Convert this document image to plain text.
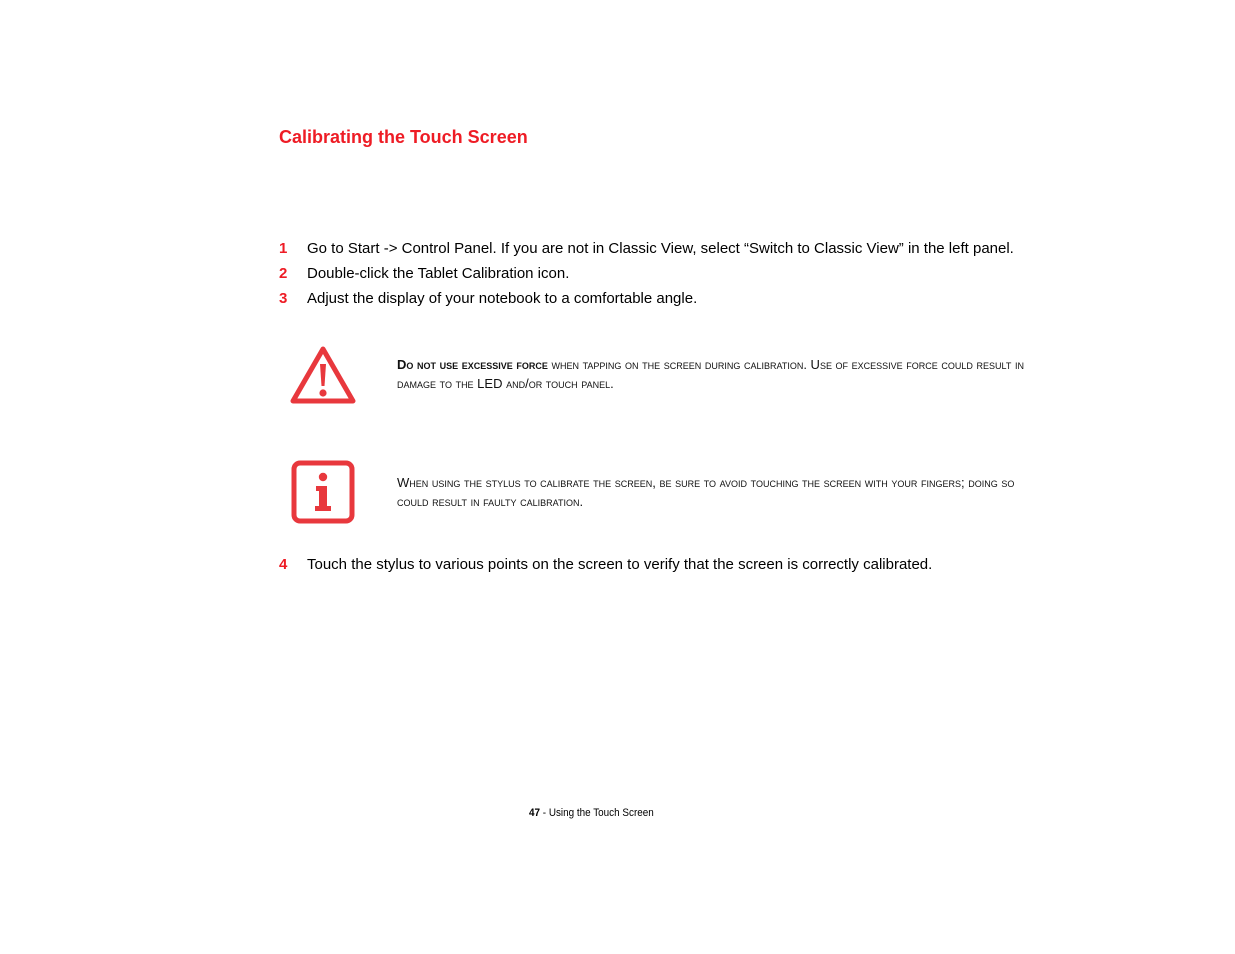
Calibrating the Touch Screen
1 Go to Start -> Control Panel. If you are not in Classic View, select “Switch to Classic View” in the left panel.
2 Double-click the Tablet Calibration icon.
3 Adjust the display of your notebook to a comfortable angle.
Do not use excessive force when tapping on the screen during calibration. Use of excessive force could result in damage to the LED and/or touch panel.
When using the stylus to calibrate the screen, be sure to avoid touching the screen with your fingers; doing so could result in faulty calibration.
4 Touch the stylus to various points on the screen to verify that the screen is correctly calibrated.
47 - Using the Touch Screen
